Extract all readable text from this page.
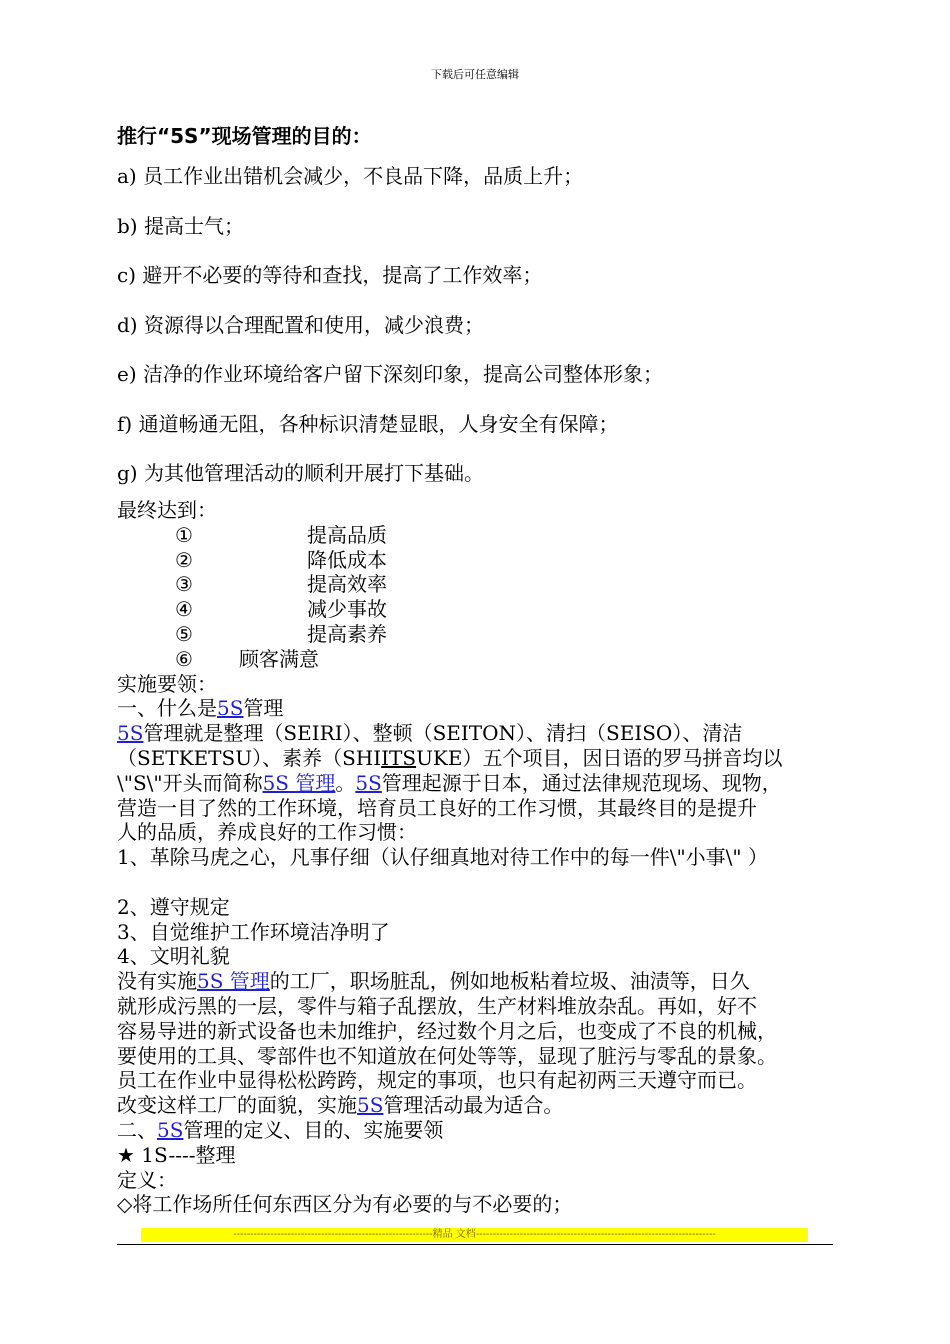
下载后可任意编辑
推行“5S”现场管理的目的：
a) 员工作业出错机会减少，不良品下降，品质上升；
b) 提高士气；
c) 避开不必要的等待和查找，提高了工作效率；
d) 资源得以合理配置和使用，减少浪费；
e) 洁净的作业环境给客户留下深刻印象，提高公司整体形象；
f) 通道畅通无阻，各种标识清楚显眼，人身安全有保障；
g) 为其他管理活动的顺利开展打下基础。
最终达到：
①	提高品质
②	降低成本
③	提高效率
④	减少事故
⑤	提高素养
⑥ 顾客满意
实施要领：
一、什么是5S管理
5S管理就是整理（SEIRI）、整顿（SEITON）、清扫（SEISO）、清洁
（SETKETSU）、素养（SHIITSUKE）五个项目，因日语的罗马拼音均以
\"S\"开头而简称5S 管理。5S管理起源于日本，通过法律规范现场、现物，
营造一目了然的工作环境，培育员工良好的工作习惯，其最终目的是提升
人的品质，养成良好的工作习惯：
1、革除马虎之心，凡事仔细（认仔细真地对待工作中的每一件\"小事\" ）

2、遵守规定
3、自觉维护工作环境洁净明了
4、文明礼貌
没有实施5S 管理的工厂，职场脏乱，例如地板粘着垃圾、油渍等，日久
就形成污黑的一层，零件与箱子乱摆放，生产材料堆放杂乱。再如，好不
容易导进的新式设备也未加维护，经过数个月之后，也变成了不良的机械，
要使用的工具、零部件也不知道放在何处等等，显现了脏污与零乱的景象。
员工在作业中显得松松跨跨，规定的事项，也只有起初两三天遵守而已。
改变这样工厂的面貌，实施5S管理活动最为适合。
二、5S管理的定义、目的、实施要领
★ 1S----整理
定义：
◇将工作场所任何东西区分为有必要的与不必要的；
-----------------------------------------------------------精品 文档-----------------------------------------------------------------------
